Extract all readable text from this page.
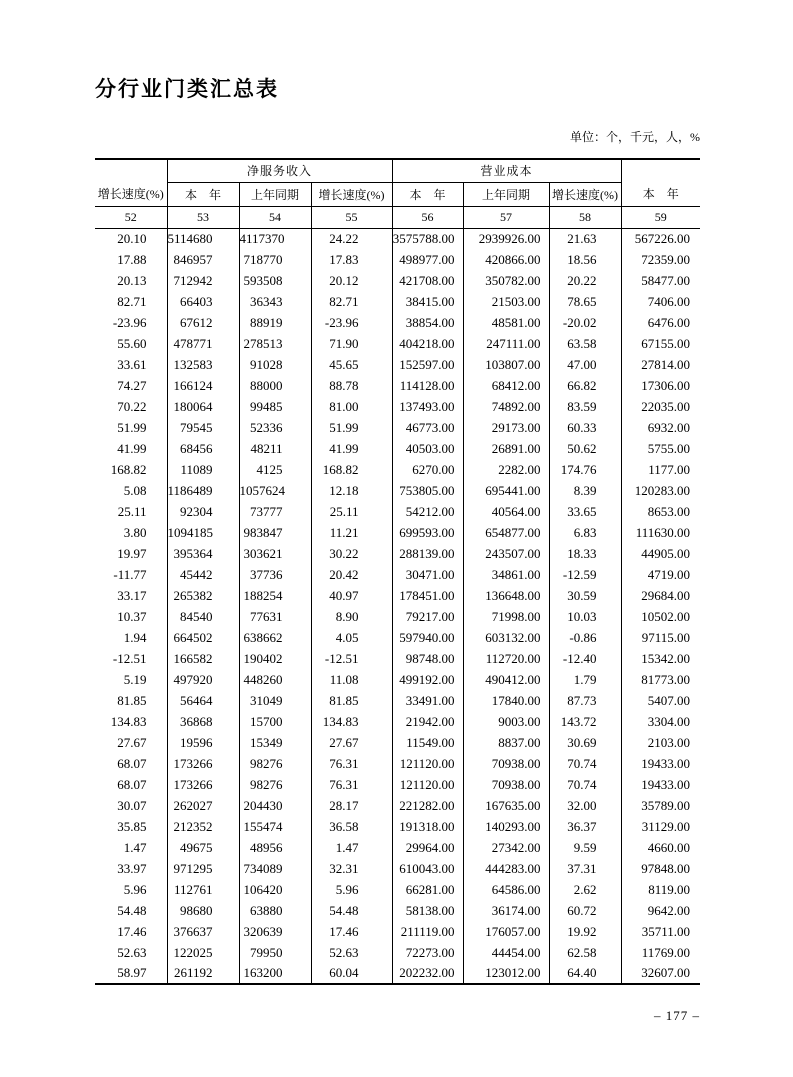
分行业门类汇总表
单位：个，千元，人，%
	净服务收入			营业成本			
增长速度(%)	本　年	上年同期	增长速度(%)	本　年	上年同期	增长速度(%)	本　年
52	53	54	55	56	57	58	59
20.10	5114680	4117370	24.22	3575788.00	2939926.00	21.63	567226.00
17.88	846957	718770	17.83	498977.00	420866.00	18.56	72359.00
20.13	712942	593508	20.12	421708.00	350782.00	20.22	58477.00
82.71	66403	36343	82.71	38415.00	21503.00	78.65	7406.00
-23.96	67612	88919	-23.96	38854.00	48581.00	-20.02	6476.00
55.60	478771	278513	71.90	404218.00	247111.00	63.58	67155.00
33.61	132583	91028	45.65	152597.00	103807.00	47.00	27814.00
74.27	166124	88000	88.78	114128.00	68412.00	66.82	17306.00
70.22	180064	99485	81.00	137493.00	74892.00	83.59	22035.00
51.99	79545	52336	51.99	46773.00	29173.00	60.33	6932.00
41.99	68456	48211	41.99	40503.00	26891.00	50.62	5755.00
168.82	11089	4125	168.82	6270.00	2282.00	174.76	1177.00
5.08	1186489	1057624	12.18	753805.00	695441.00	8.39	120283.00
25.11	92304	73777	25.11	54212.00	40564.00	33.65	8653.00
3.80	1094185	983847	11.21	699593.00	654877.00	6.83	111630.00
19.97	395364	303621	30.22	288139.00	243507.00	18.33	44905.00
-11.77	45442	37736	20.42	30471.00	34861.00	-12.59	4719.00
33.17	265382	188254	40.97	178451.00	136648.00	30.59	29684.00
10.37	84540	77631	8.90	79217.00	71998.00	10.03	10502.00
1.94	664502	638662	4.05	597940.00	603132.00	-0.86	97115.00
-12.51	166582	190402	-12.51	98748.00	112720.00	-12.40	15342.00
5.19	497920	448260	11.08	499192.00	490412.00	1.79	81773.00
81.85	56464	31049	81.85	33491.00	17840.00	87.73	5407.00
134.83	36868	15700	134.83	21942.00	9003.00	143.72	3304.00
27.67	19596	15349	27.67	11549.00	8837.00	30.69	2103.00
68.07	173266	98276	76.31	121120.00	70938.00	70.74	19433.00
68.07	173266	98276	76.31	121120.00	70938.00	70.74	19433.00
30.07	262027	204430	28.17	221282.00	167635.00	32.00	35789.00
35.85	212352	155474	36.58	191318.00	140293.00	36.37	31129.00
1.47	49675	48956	1.47	29964.00	27342.00	9.59	4660.00
33.97	971295	734089	32.31	610043.00	444283.00	37.31	97848.00
5.96	112761	106420	5.96	66281.00	64586.00	2.62	8119.00
54.48	98680	63880	54.48	58138.00	36174.00	60.72	9642.00
17.46	376637	320639	17.46	211119.00	176057.00	19.92	35711.00
52.63	122025	79950	52.63	72273.00	44454.00	62.58	11769.00
58.97	261192	163200	60.04	202232.00	123012.00	64.40	32607.00
– 177 –
